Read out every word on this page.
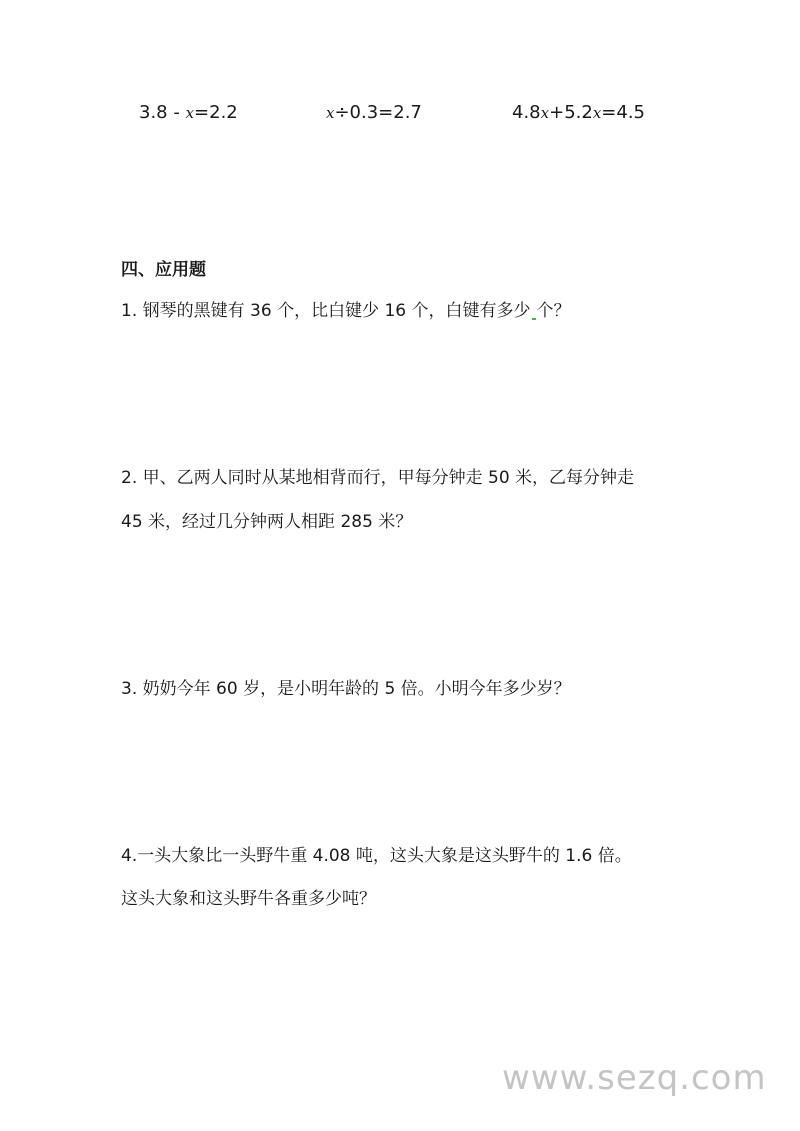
3.8 - x=2.2	x÷0.3=2.7	4.8x+5.2x=4.5
四、应用题
1. 钢琴的黑键有 36 个，比白键少 16 个，白键有多少 个？
2. 甲、乙两人同时从某地相背而行，甲每分钟走 50 米，乙每分钟走
45 米，经过几分钟两人相距 285 米？
3. 奶奶今年 60 岁，是小明年龄的 5 倍。小明今年多少岁？
4.一头大象比一头野牛重 4.08 吨，这头大象是这头野牛的 1.6 倍。
这头大象和这头野牛各重多少吨？
www.sezq.com
